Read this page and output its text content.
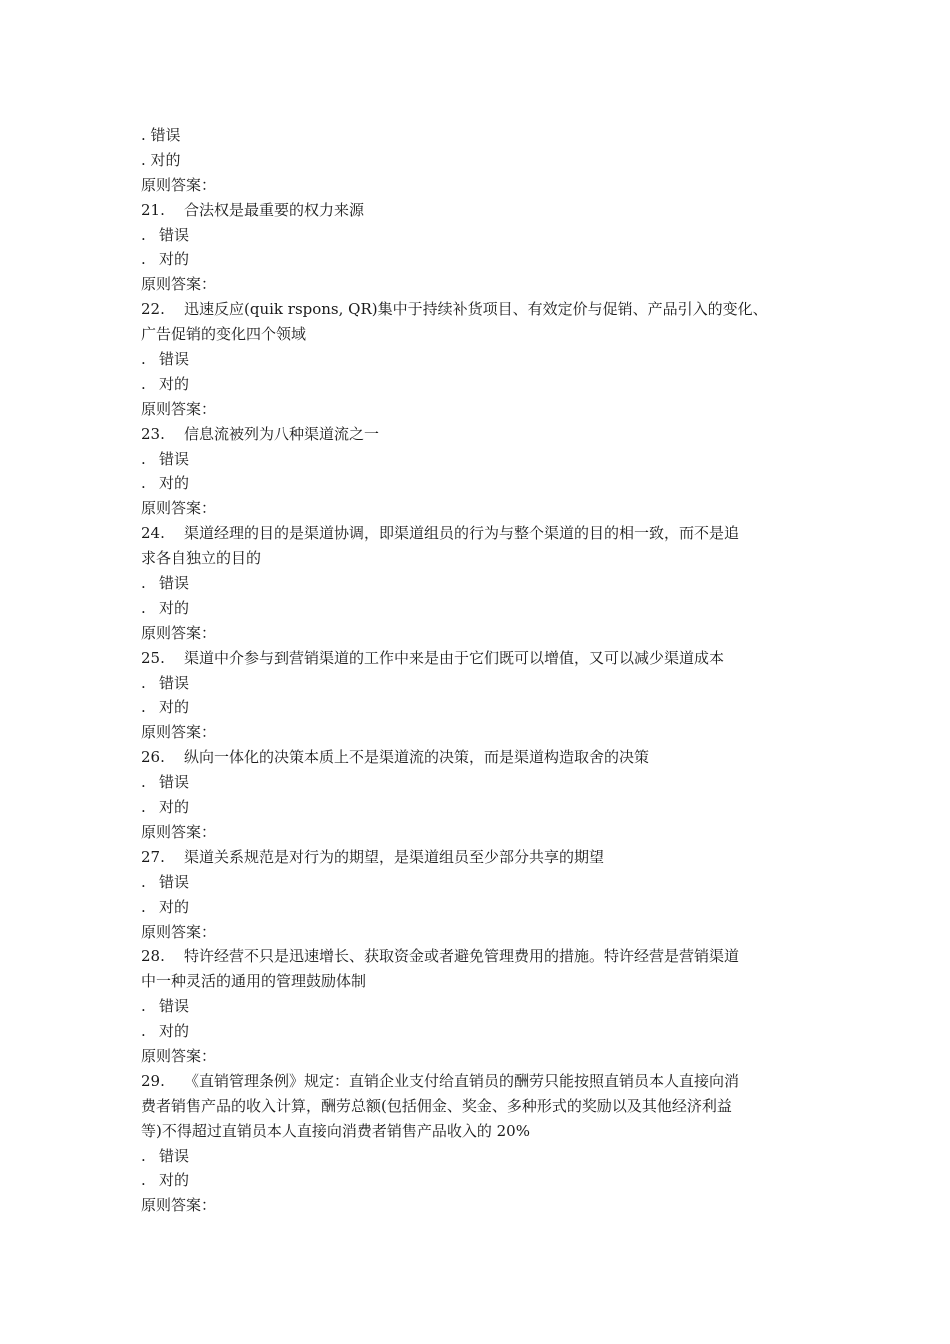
. 错误
. 对的
原则答案：
21. 合法权是最重要的权力来源
. 错误
. 对的
原则答案：
22. 迅速反应(quik rspons, QR)集中于持续补货项目、有效定价与促销、产品引入的变化、
广告促销的变化四个领域
. 错误
. 对的
原则答案：
23. 信息流被列为八种渠道流之一
. 错误
. 对的
原则答案：
24. 渠道经理的目的是渠道协调，即渠道组员的行为与整个渠道的目的相一致，而不是追
求各自独立的目的
. 错误
. 对的
原则答案：
25. 渠道中介参与到营销渠道的工作中来是由于它们既可以增值，又可以减少渠道成本
. 错误
. 对的
原则答案：
26. 纵向一体化的决策本质上不是渠道流的决策，而是渠道构造取舍的决策
. 错误
. 对的
原则答案：
27. 渠道关系规范是对行为的期望，是渠道组员至少部分共享的期望
. 错误
. 对的
原则答案：
28. 特许经营不只是迅速增长、获取资金或者避免管理费用的措施。特许经营是营销渠道
中一种灵活的通用的管理鼓励体制
. 错误
. 对的
原则答案：
29. 《直销管理条例》规定：直销企业支付给直销员的酬劳只能按照直销员本人直接向消
费者销售产品的收入计算，酬劳总额(包括佣金、奖金、多种形式的奖励以及其他经济利益
等)不得超过直销员本人直接向消费者销售产品收入的 20%
. 错误
. 对的
原则答案：
